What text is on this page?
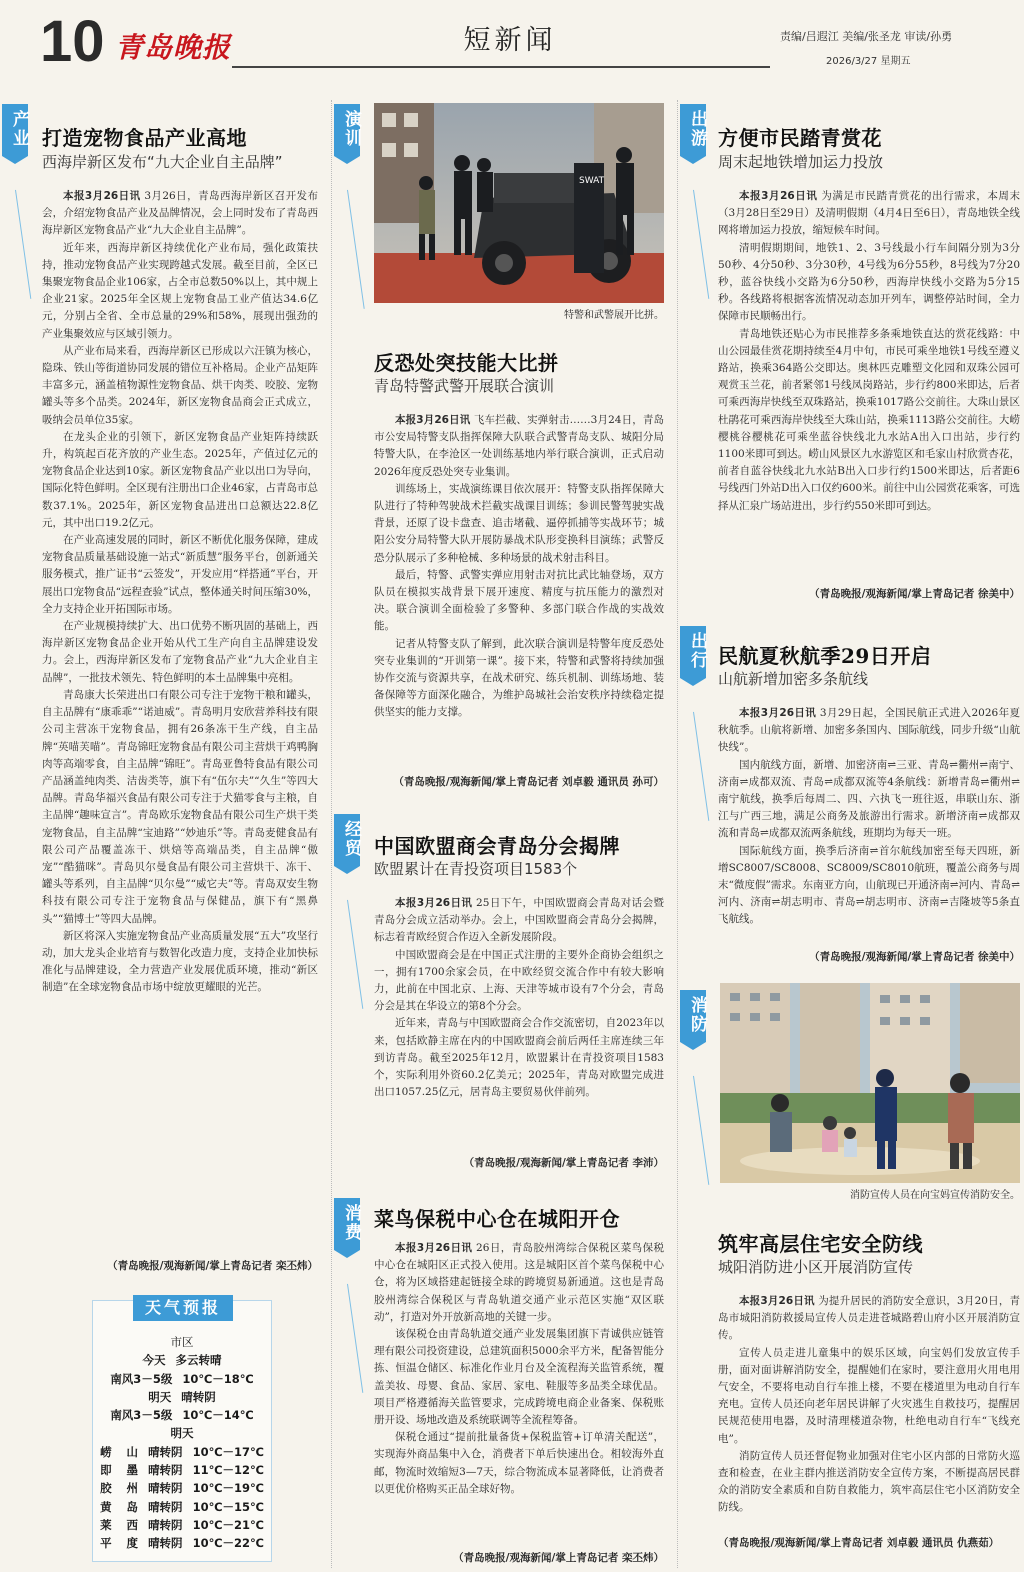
10 青岛晚报	短新闻	责编/吕遐江 美编/张圣龙 审读/孙勇
2026/3/27 星期五
产业 打造宠物食品产业高地
西海岸新区发布“九大企业自主品牌”

本报3月26日讯 3月26日，青岛西海岸新区召开发布会，介绍宠物食品产业及品牌情况，会上同时发布了青岛西海岸新区宠物食品产业“九大企业自主品牌”。

近年来，西海岸新区持续优化产业布局，强化政策扶持，推动宠物食品产业实现跨越式发展。截至目前，全区已集聚宠物食品企业106家，占全市总数50%以上，其中规上企业21家。2025年全区规上宠物食品工业产值达34.6亿元，分别占全省、全市总量的29%和58%，展现出强劲的产业集聚效应与区域引领力。

从产业布局来看，西海岸新区已形成以六汪镇为核心，隐珠、铁山等街道协同发展的错位互补格局。企业产品矩阵丰富多元，涵盖植物源性宠物食品、烘干肉类、咬胶、宠物罐头等多个品类。2024年，新区宠物食品商会正式成立，吸纳会员单位35家。

在龙头企业的引领下，新区宠物食品产业矩阵持续跃升，构筑起百花齐放的产业生态。2025年，产值过亿元的宠物食品企业达到10家。新区宠物食品产业以出口为导向，国际化特色鲜明。全区现有注册出口企业46家，占青岛市总数37.1%。2025年，新区宠物食品进出口总额达22.8亿元，其中出口19.2亿元。

在产业高速发展的同时，新区不断优化服务保障，建成宠物食品质量基础设施一站式“新质慧”服务平台，创新通关服务模式，推广证书“云签发”，开发应用“样搭通”平台，开展出口宠物食品“远程查验”试点，整体通关时间压缩30%，全力支持企业开拓国际市场。

在产业规模持续扩大、出口优势不断巩固的基础上，西海岸新区宠物食品企业开始从代工生产向自主品牌建设发力。会上，西海岸新区发布了宠物食品产业“九大企业自主品牌”，一批技术领先、特色鲜明的本土品牌集中亮相。

青岛康大长荣进出口有限公司专注于宠物干粮和罐头，自主品牌有“康乖乖”“诺迪威”。青岛明月安欣营养科技有限公司主营冻干宠物食品，拥有26条冻干生产线，自主品牌“英喵芙喵”。青岛锦旺宠物食品有限公司主营烘干鸡鸭胸肉等高端零食，自主品牌“锦旺”。青岛亚鲁特食品有限公司产品涵盖纯肉类、洁齿类等，旗下有“伍尔夫”“久生”等四大品牌。青岛华福兴食品有限公司专注于犬猫零食与主粮，自主品牌“趣味宣言”。青岛欧乐宠物食品有限公司生产烘干类宠物食品，自主品牌“宝迪路”“妙迪乐”等。青岛麦健食品有限公司产品覆盖冻干、烘焙等高端品类，自主品牌“傲宠”“酷猫咪”。青岛贝尔曼食品有限公司主营烘干、冻干、罐头等系列，自主品牌“贝尔曼”“威它夫”等。青岛双安生物科技有限公司专注于宠物食品与保健品，旗下有“黑鼻头”“猫博士”等四大品牌。

新区将深入实施宠物食品产业高质量发展“五大”攻坚行动，加大龙头企业培育与数智化改造力度，支持企业加快标准化与品牌建设，全力营造产业发展优质环境，推动“新区制造”在全球宠物食品市场中绽放更耀眼的光芒。

（青岛晚报/观海新闻/掌上青岛记者 栾丕炜）
天气预报
市区
今天 多云转晴
南风3－5级 10℃－18℃
明天 晴转阴
南风3－5级 10℃－14℃
明天
崂山 晴转阴 10℃－17℃
即墨 晴转阴 11℃－12℃
胶州 晴转阴 10℃－19℃
黄岛 晴转阴 10℃－15℃
莱西 晴转阴 10℃－21℃
平度 晴转阴 10℃－22℃
演训
SWAT
特警和武警展开比拼。
反恐处突技能大比拼
青岛特警武警开展联合演训

本报3月26日讯 飞车拦截、实弹射击……3月24日，青岛市公安局特警支队指挥保障大队联合武警青岛支队、城阳分局特警大队，在李沧区一处训练基地内举行联合演训，正式启动2026年度反恐处突专业集训。

训练场上，实战演练课目依次展开：特警支队指挥保障大队进行了特种驾驶战术拦截实战课目训练；参训民警驾驶实战背景，还原了设卡盘查、追击堵截、逼停抓捕等实战环节；城阳公安分局特警大队开展防暴战术队形变换科目演练；武警反恐分队展示了多种枪械、多种场景的战术射击科目。

最后，特警、武警实弹应用射击对抗比武比轴登场，双方队员在模拟实战背景下展开速度、精度与抗压能力的激烈对决。联合演训全面检验了多警种、多部门联合作战的实战效能。

记者从特警支队了解到，此次联合演训是特警年度反恐处突专业集训的“开训第一课”。接下来，特警和武警将持续加强协作交流与资源共享，在战术研究、练兵机制、训练场地、装备保障等方面深化融合，为维护岛城社会治安秩序持续稳定提供坚实的能力支撑。

（青岛晚报/观海新闻/掌上青岛记者 刘卓毅 通讯员 孙可）
经贸 中国欧盟商会青岛分会揭牌
欧盟累计在青投资项目1583个

本报3月26日讯 25日下午，中国欧盟商会青岛对话会暨青岛分会成立活动举办。会上，中国欧盟商会青岛分会揭牌，标志着青欧经贸合作迈入全新发展阶段。

中国欧盟商会是在中国正式注册的主要外企商协会组织之一，拥有1700余家会员，在中欧经贸交流合作中有较大影响力，此前在中国北京、上海、天津等城市设有7个分会，青岛分会是其在华设立的第8个分会。

近年来，青岛与中国欧盟商会合作交流密切，自2023年以来，包括欧静主席在内的中国欧盟商会前后两任主席连续三年到访青岛。截至2025年12月，欧盟累计在青投资项目1583个，实际利用外资60.2亿美元；2025年，青岛对欧盟完成进出口1057.25亿元，居青岛主要贸易伙伴前列。

（青岛晚报/观海新闻/掌上青岛记者 李沛）
消费 菜鸟保税中心仓在城阳开仓

本报3月26日讯 26日，青岛胶州湾综合保税区菜鸟保税中心仓在城阳区正式投入使用。这是城阳区首个菜鸟保税中心仓，将为区域搭建起链接全球的跨境贸易新通道。这也是青岛胶州湾综合保税区与青岛轨道交通产业示范区实施“双区联动”，打造对外开放新高地的关键一步。

该保税仓由青岛轨道交通产业发展集团旗下青诚供应链管理有限公司投资建设，总建筑面积5000余平方米，配备智能分拣、恒温仓储区、标准化作业月台及全流程海关监管系统，覆盖美妆、母婴、食品、家居、家电、鞋服等多品类全球优品。项目严格遵循海关监管要求，完成跨境电商企业备案、保税账册开设、场地改造及系统联调等全流程筹备。

保税仓通过“提前批量备货+保税监管+订单清关配送”，实现海外商品集中入仓，消费者下单后快速出仓。相较海外直邮，物流时效缩短3—7天，综合物流成本显著降低，让消费者以更优价格购买正品全球好物。

（青岛晚报/观海新闻/掌上青岛记者 栾丕炜）
出游 方便市民踏青赏花
周末起地铁增加运力投放

本报3月26日讯 为满足市民踏青赏花的出行需求，本周末（3月28日至29日）及清明假期（4月4日至6日），青岛地铁全线网将增加运力投放，缩短候车时间。

清明假期期间，地铁1、2、3号线最小行车间隔分别为3分50秒、4分50秒、3分30秒，4号线为6分55秒，8号线为7分20秒，蓝谷快线小交路为6分50秒，西海岸快线小交路为5分15秒。各线路将根据客流情况动态加开列车，调整停站时间，全力保障市民顺畅出行。

青岛地铁还贴心为市民推荐多条乘地铁直达的赏花线路：中山公园最佳赏花期持续至4月中旬，市民可乘坐地铁1号线至遵义路站，换乘364路公交即达。奥林匹克雕塑文化园和双珠公园可观赏玉兰花，前者紧邻1号线凤岗路站，步行约800米即达，后者可乘西海岸快线至双珠路站，换乘1017路公交前往。大珠山景区杜鹃花可乘西海岸快线至大珠山站，换乘1113路公交前往。大崂樱桃谷樱桃花可乘坐蓝谷快线北九水站A出入口出站，步行约1100米即可到达。崂山风景区九水游览区和毛家山村欣赏杏花，前者自蓝谷快线北九水站B出入口步行约1500米即达，后者距6号线西门外站D出入口仅约600米。前往中山公园赏花乘客，可选择从汇泉广场站进出，步行约550米即可到达。

（青岛晚报/观海新闻/掌上青岛记者 徐美中）
出行 民航夏秋航季29日开启
山航新增加密多条航线

本报3月26日讯 3月29日起，全国民航正式进入2026年夏秋航季。山航将新增、加密多条国内、国际航线，同步升级“山航快线”。

国内航线方面，新增、加密济南⇌三亚、青岛⇌衢州⇌南宁、济南⇌成都双流、青岛⇌成都双流等4条航线：新增青岛⇌衢州⇌南宁航线，换季后每周二、四、六执飞一班往返，串联山东、浙江与广西三地，满足公商务及旅游出行需求。新增济南⇌成都双流和青岛⇌成都双流两条航线，班期均为每天一班。

国际航线方面，换季后济南⇌首尔航线加密至每天四班，新增SC8007/SC8008、SC8009/SC8010航班，覆盖公商务与周末“微度假”需求。东南亚方向，山航现已开通济南⇌河内、青岛⇌河内、济南⇌胡志明市、青岛⇌胡志明市、济南⇌吉隆坡等5条直飞航线。

（青岛晚报/观海新闻/掌上青岛记者 徐美中）
消防
消防宣传人员在向宝妈宣传消防安全。
筑牢高层住宅安全防线
城阳消防进小区开展消防宣传

本报3月26日讯 为提升居民的消防安全意识，3月20日，青岛市城阳消防救援局宣传人员走进苍城路碧山府小区开展消防宣传。

宣传人员走进儿童集中的娱乐区域，向宝妈们发放宣传手册，面对面讲解消防安全，提醒她们在家时，要注意用火用电用气安全，不要将电动自行车推上楼，不要在楼道里为电动自行车充电。宣传人员还向老年居民讲解了火灾逃生自救技巧，提醒居民规范使用电器，及时清理楼道杂物，杜绝电动自行车“飞线充电”。

消防宣传人员还督促物业加强对住宅小区内部的日常防火巡查和检查，在业主群内推送消防安全宣传方案，不断提高居民群众的消防安全素质和自防自救能力，筑牢高层住宅小区消防安全防线。

（青岛晚报/观海新闻/掌上青岛记者 刘卓毅 通讯员 仇燕茹）
